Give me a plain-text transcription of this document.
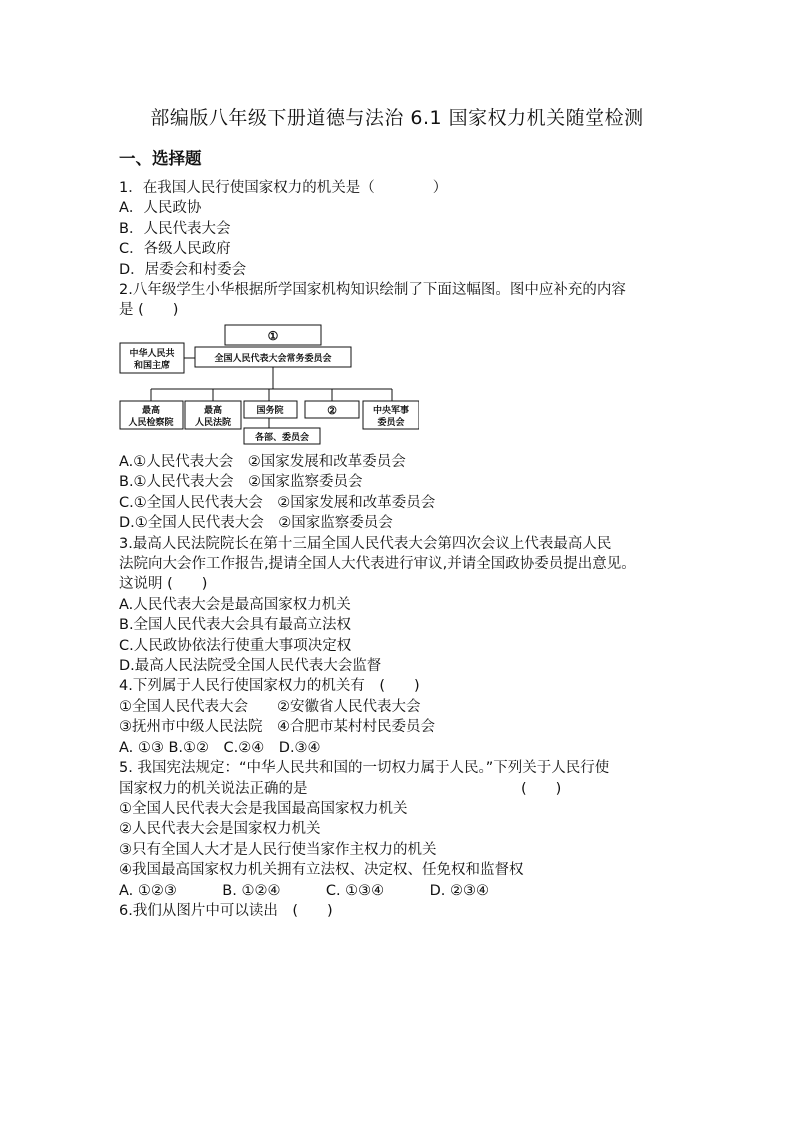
部编版八年级下册道德与法治 6.1 国家权力机关随堂检测
一、选择题
1．在我国人民行使国家权力的机关是（　　　　）
A．人民政协
B．人民代表大会
C．各级人民政府
D．居委会和村委会
2.八年级学生小华根据所学国家机构知识绘制了下面这幅图。图中应补充的内容
是 (　　)
①
全国人民代表大会常务委员会
中华人民共
和国主席
最高
人民检察院
最高
人民法院
国务院	②	中央军事
委员会
各部、委员会
A.①人民代表大会　②国家发展和改革委员会
B.①人民代表大会　②国家监察委员会
C.①全国人民代表大会　②国家发展和改革委员会
D.①全国人民代表大会　②国家监察委员会
3.最高人民法院院长在第十三届全国人民代表大会第四次会议上代表最高人民
法院向大会作工作报告,提请全国人大代表进行审议,并请全国政协委员提出意见。
这说明 (　　)
A.人民代表大会是最高国家权力机关
B.全国人民代表大会具有最高立法权
C.人民政协依法行使重大事项决定权
D.最高人民法院受全国人民代表大会监督
4.下列属于人民行使国家权力的机关有　(　　)
①全国人民代表大会　　②安徽省人民代表大会
③抚州市中级人民法院　④合肥市某村村民委员会
A. ①③ B.①②　C.②④　D.③④
5. 我国宪法规定：“中华人民共和国的一切权力属于人民。”下列关于人民行使
国家权力的机关说法正确的是	(　　)
①全国人民代表大会是我国最高国家权力机关
②人民代表大会是国家权力机关
③只有全国人大才是人民行使当家作主权力的机关
④我国最高国家权力机关拥有立法权、决定权、任免权和监督权
A. ①②③	B. ①②④	C. ①③④	D. ②③④
6.我们从图片中可以读出　(　　)
